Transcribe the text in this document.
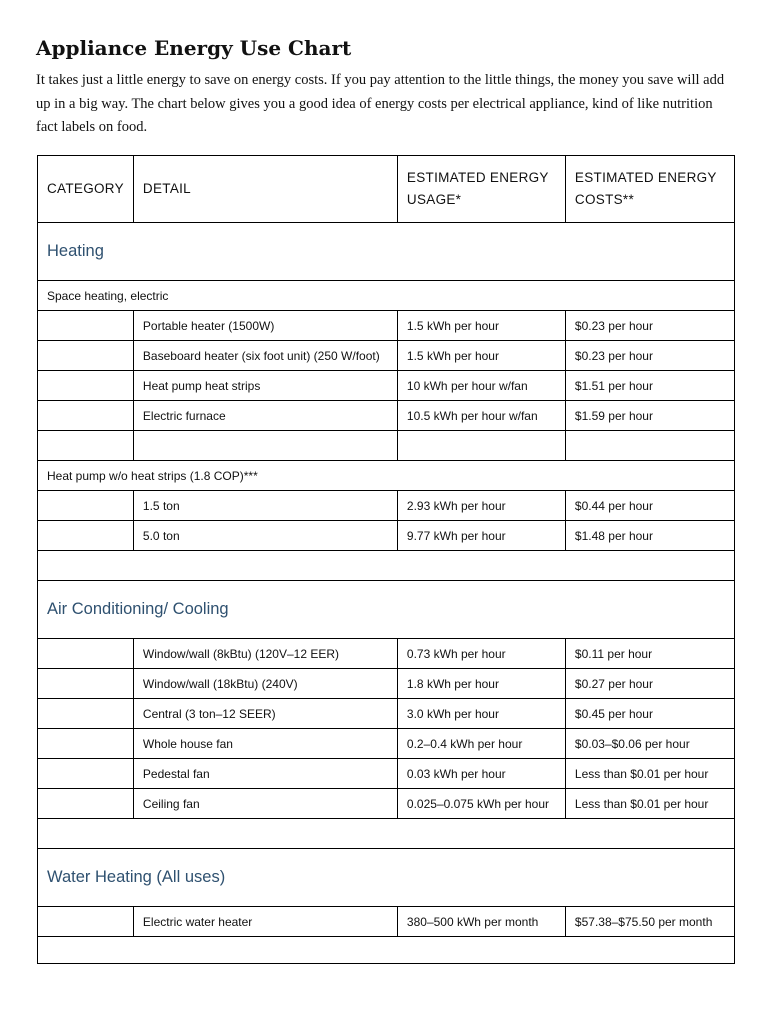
Appliance Energy Use Chart

It takes just a little energy to save on energy costs. If you pay attention to the little things, the money you save will add up in a big way. The chart below gives you a good idea of energy costs per electrical appliance, kind of like nutrition fact labels on food.

CATEGORY	DETAIL	ESTIMATED ENERGY USAGE*	ESTIMATED ENERGY COSTS**
Heating			
Space heating, electric			
	Portable heater (1500W)	1.5 kWh per hour	$0.23 per hour
	Baseboard heater (six foot unit) (250 W/foot)	1.5 kWh per hour	$0.23 per hour
	Heat pump heat strips	10 kWh per hour w/fan	$1.51 per hour
	Electric furnace	10.5 kWh per hour w/fan	$1.59 per hour

Heat pump w/o heat strips (1.8 COP)***			
	1.5 ton	2.93 kWh per hour	$0.44 per hour
	5.0 ton	9.77 kWh per hour	$1.48 per hour

Air Conditioning/ Cooling			
	Window/wall (8kBtu) (120V–12 EER)	0.73 kWh per hour	$0.11 per hour
	Window/wall (18kBtu) (240V)	1.8 kWh per hour	$0.27 per hour
	Central (3 ton–12 SEER)	3.0 kWh per hour	$0.45 per hour
	Whole house fan	0.2–0.4 kWh per hour	$0.03–$0.06 per hour
	Pedestal fan	0.03 kWh per hour	Less than $0.01 per hour
	Ceiling fan	0.025–0.075 kWh per hour	Less than $0.01 per hour

Water Heating (All uses)			
	Electric water heater	380–500 kWh per month	$57.38–$75.50 per month
